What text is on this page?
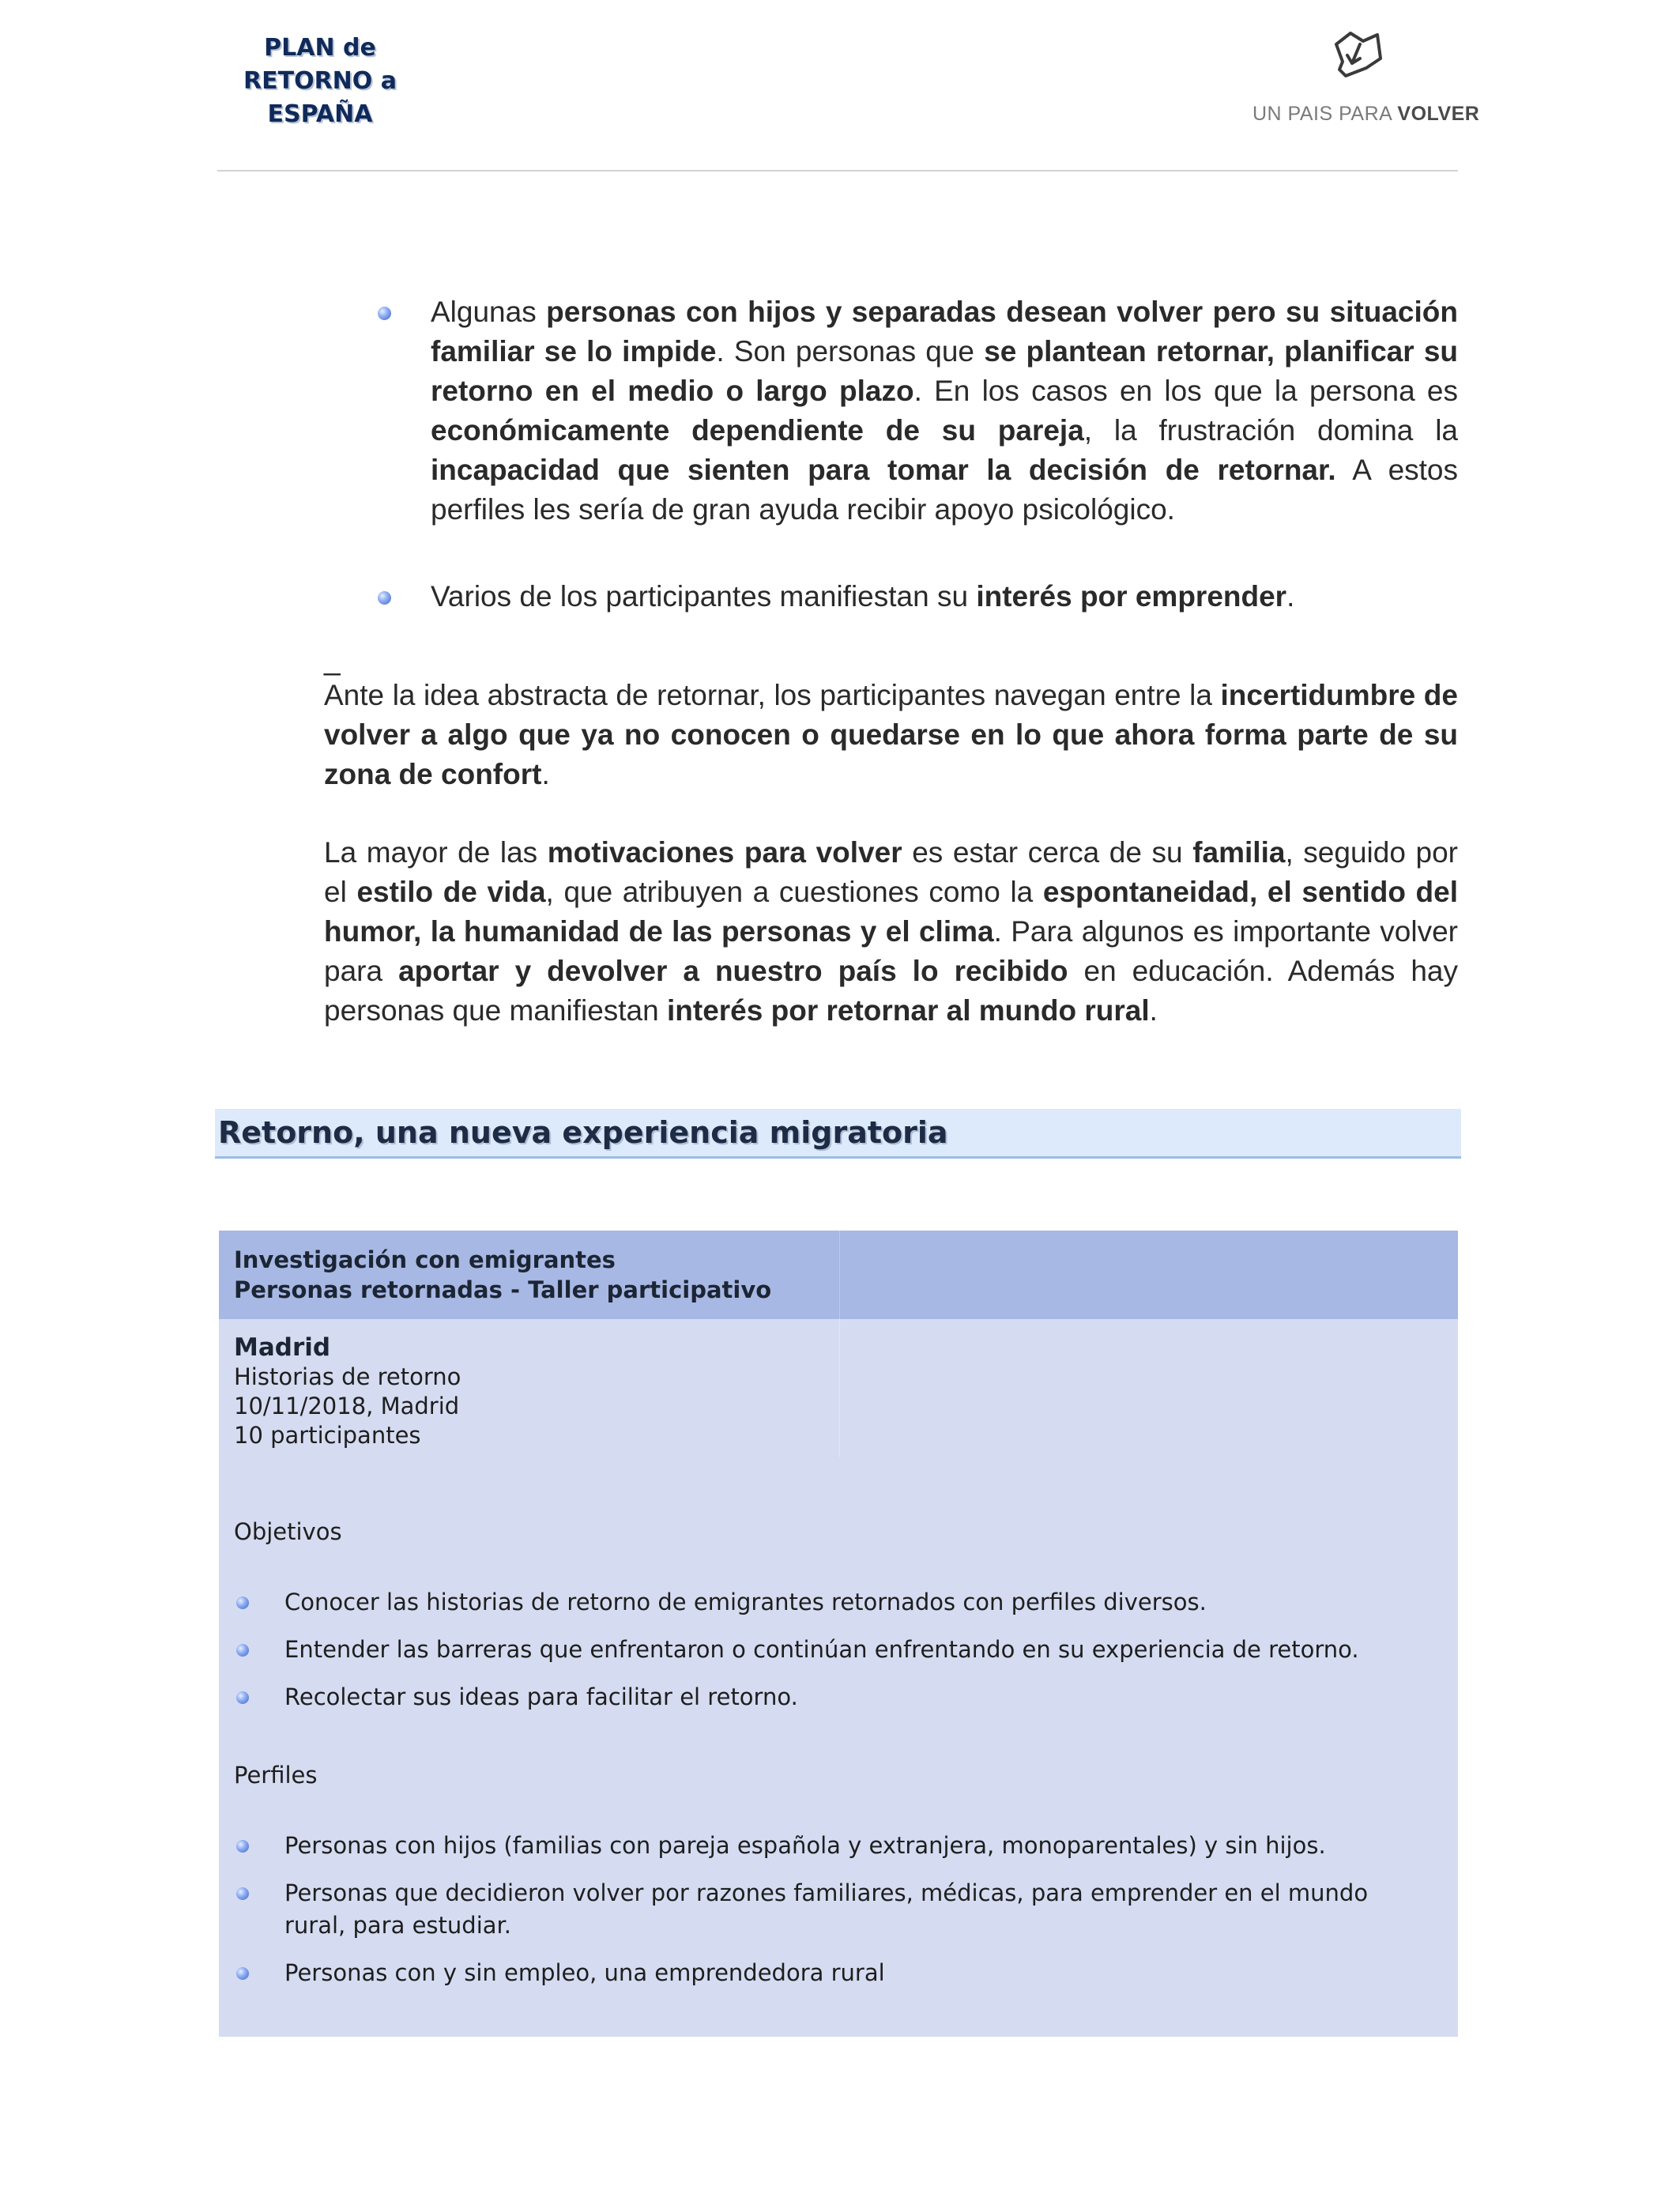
PLAN de
RETORNO a
ESPAÑA	UN PAIS PARA VOLVER
Algunas personas con hijos y separadas desean volver pero su situación familiar se lo impide. Son personas que se plantean retornar, planificar su retorno en el medio o largo plazo. En los casos en los que la persona es económicamente dependiente de su pareja, la frustración domina la incapacidad que sienten para tomar la decisión de retornar. A estos perfiles les sería de gran ayuda recibir apoyo psicológico.
Varios de los participantes manifiestan su interés por emprender.
_
Ante la idea abstracta de retornar, los participantes navegan entre la incertidumbre de volver a algo que ya no conocen o quedarse en lo que ahora forma parte de su zona de confort.
La mayor de las motivaciones para volver es estar cerca de su familia, seguido por el estilo de vida, que atribuyen a cuestiones como la espontaneidad, el sentido del humor, la humanidad de las personas y el clima. Para algunos es importante volver para aportar y devolver a nuestro país lo recibido en educación. Además hay personas que manifiestan interés por retornar al mundo rural.
Retorno, una nueva experiencia migratoria
Investigación con emigrantes
Personas retornadas - Taller participativo
Madrid
Historias de retorno
10/11/2018, Madrid
10 participantes
Objetivos
Conocer las historias de retorno de emigrantes retornados con perfiles diversos.
Entender las barreras que enfrentaron o continúan enfrentando en su experiencia de retorno.
Recolectar sus ideas para facilitar el retorno.
Perfiles
Personas con hijos (familias con pareja española y extranjera, monoparentales) y sin hijos.
Personas que decidieron volver por razones familiares, médicas, para emprender en el mundo rural, para estudiar.
Personas con y sin empleo, una emprendedora rural
